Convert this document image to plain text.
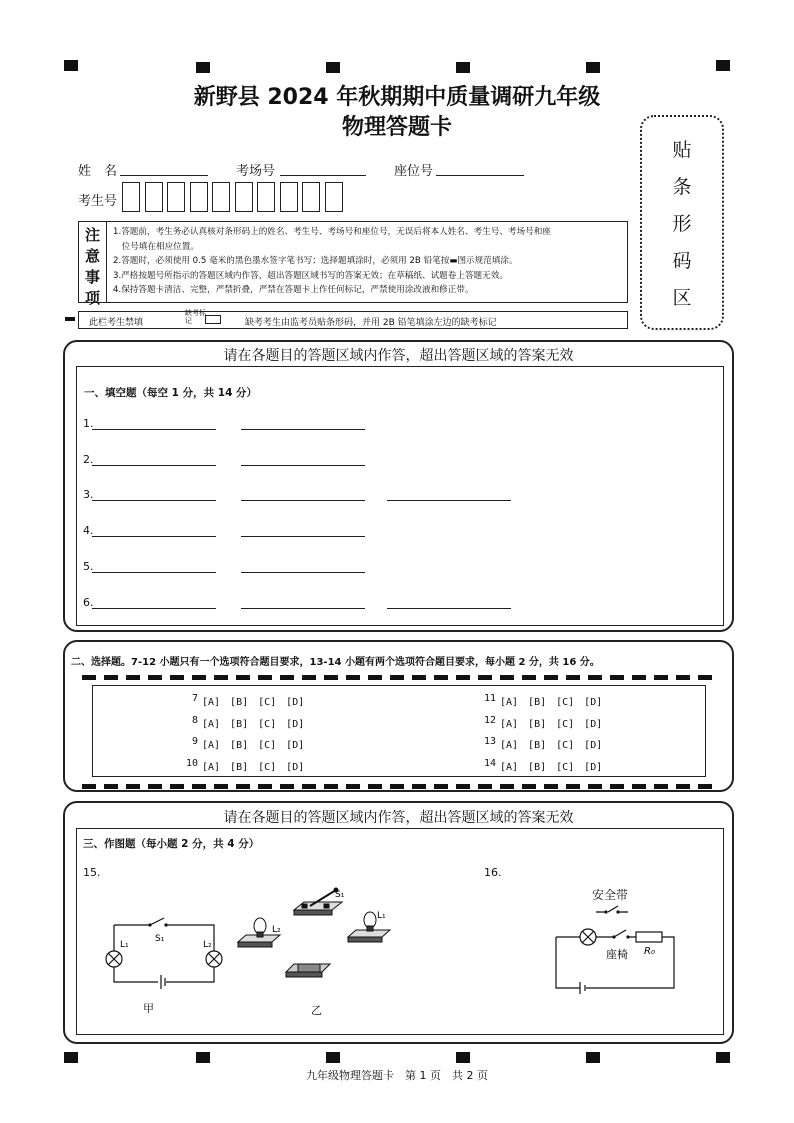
新野县 2024 年秋期期中质量调研九年级
物理答题卡
姓　名	考场号	座位号
考生号
贴
条
形
码
区
注
意
事
项
1.答题前，考生务必认真核对条形码上的姓名、考生号、考场号和座位号，无误后将本人姓名、考生号、考场号和座
　位号填在相应位置。
2.答题时，必须使用 0.5 毫米的黑色墨水签字笔书写；选择题填涂时，必须用 2B 铅笔按▬图示规范填涂。
3.严格按题号所指示的答题区域内作答，超出答题区域书写的答案无效；在草稿纸、试题卷上答题无效。
4.保持答题卡清洁、完整，严禁折叠，严禁在答题卡上作任何标记，严禁使用涂改液和修正带。
此栏考生禁填
缺考标记	缺考考生由监考员贴条形码，并用 2B 铅笔填涂左边的缺考标记
请在各题目的答题区域内作答，超出答题区域的答案无效
一、填空题（每空 1 分，共 14 分）
1.
2.
3.
4.
5.
6.
二、选择题。7-12 小题只有一个选项符合题目要求，13-14 小题有两个选项符合题目要求，每小题 2 分，共 16 分。
7 [A]　[B]　[C]　[D]
8 [A]　[B]　[C]　[D]
9 [A]　[B]　[C]　[D]
10 [A]　[B]　[C]　[D]
11 [A]　[B]　[C]　[D]
12 [A]　[B]　[C]　[D]
13 [A]　[B]　[C]　[D]
14 [A]　[B]　[C]　[D]
请在各题目的答题区域内作答，超出答题区域的答案无效
三、作图题（每小题 2 分，共 4 分）
15.	16.
S₁
L₁	L₂
甲
S₁
L₂
L₁
乙
安全带
座椅 R₀
九年级物理答题卡　第 1 页　共 2 页
